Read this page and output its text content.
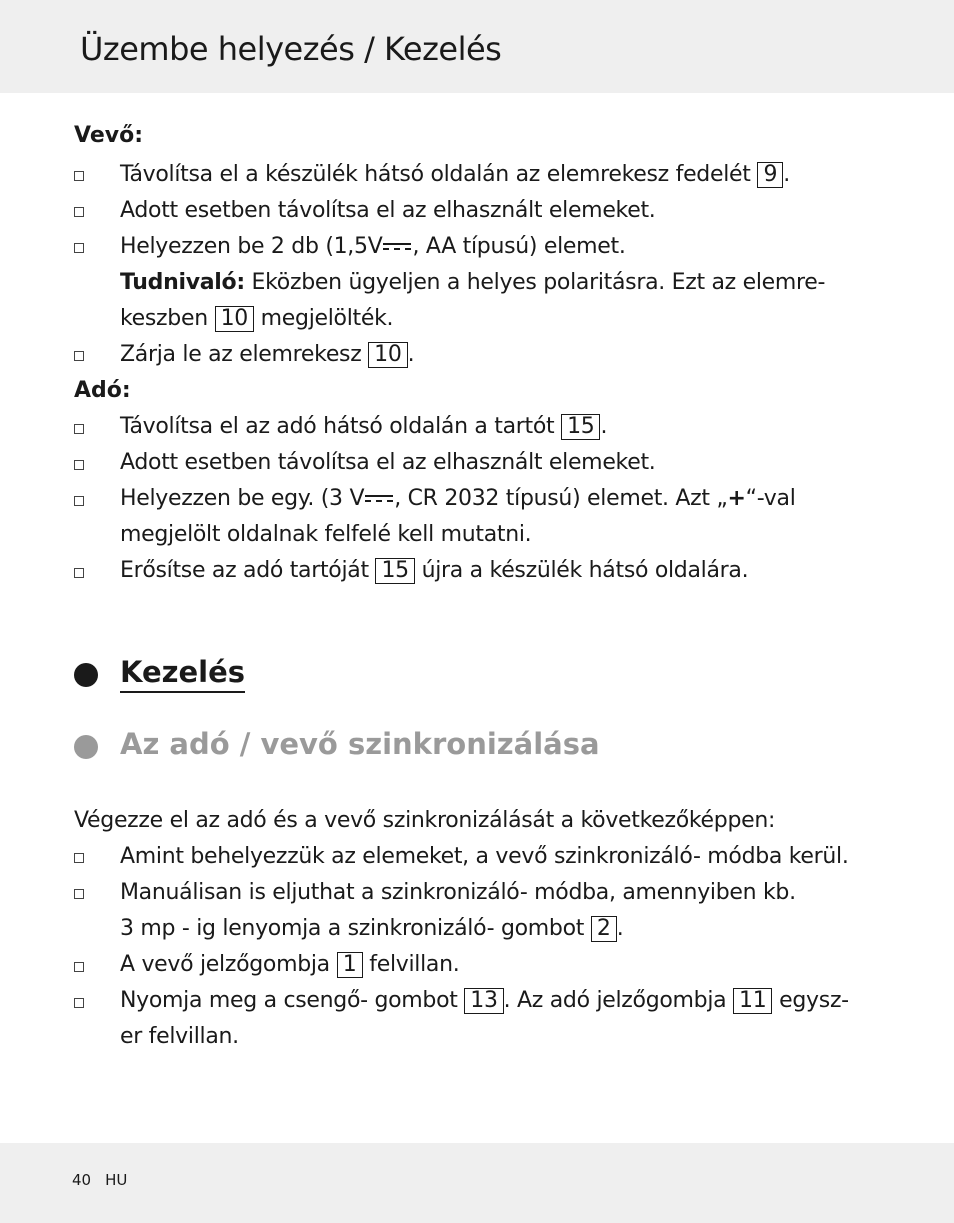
Üzembe helyezés / Kezelés
Vevő:
Távolítsa el a készülék hátsó oldalán az elemrekesz fedelét 9 .
Adott esetben távolítsa el az elhasznált elemeket.
Helyezzen be 2 db (1,5V , AA típusú) elemet.
Tudnivaló: Eközben ügyeljen a helyes polaritásra. Ezt az elemre-
keszben 10 megjelölték.
Zárja le az elemrekesz 10 .
Adó:
Távolítsa el az adó hátsó oldalán a tartót 15 .
Adott esetben távolítsa el az elhasznált elemeket.
Helyezzen be egy. (3 V , CR 2032 típusú) elemet. Azt „+“-val
megjelölt oldalnak felfelé kell mutatni.
Erősítse az adó tartóját 15 újra a készülék hátsó oldalára.
Kezelés
Az adó / vevő szinkronizálása
Végezze el az adó és a vevő szinkronizálását a következőképpen:
Amint behelyezzük az elemeket, a vevő szinkronizáló- módba kerül.
Manuálisan is eljuthat a szinkronizáló- módba, amennyiben kb.
3 mp - ig lenyomja a szinkronizáló- gombot 2 .
A vevő jelzőgombja 1 felvillan.
Nyomja meg a csengő- gombot 13 . Az adó jelzőgombja 11 egysz-
er felvillan.
40 HU
